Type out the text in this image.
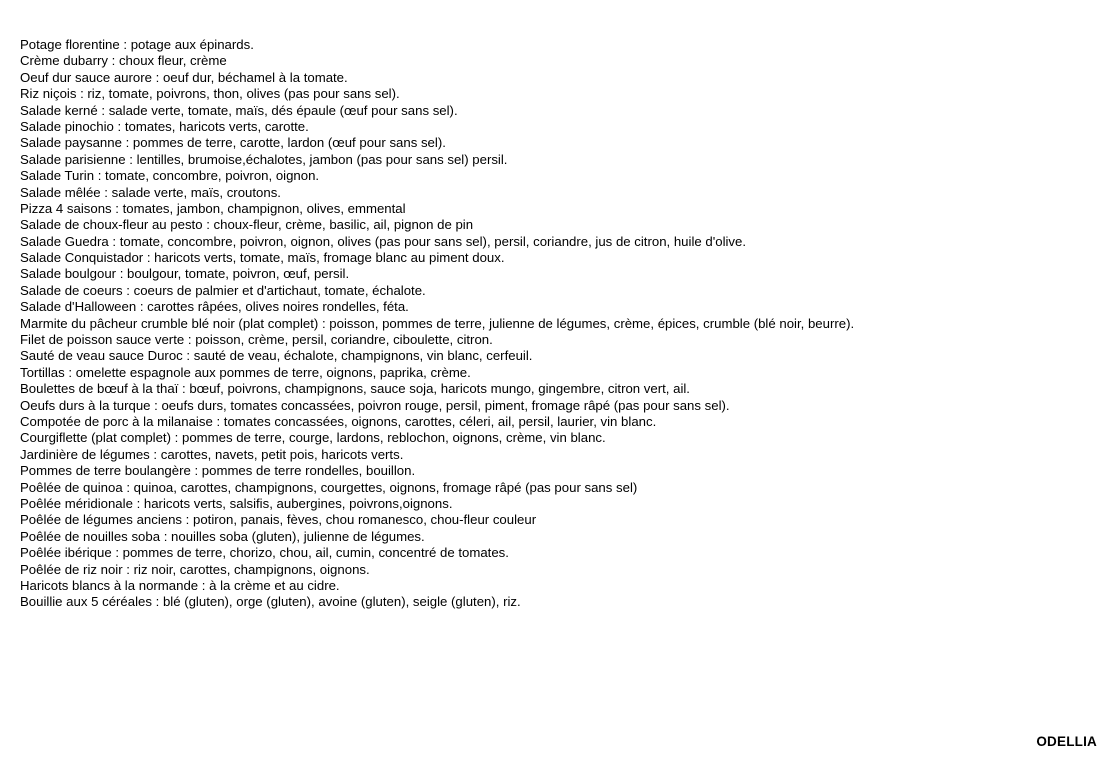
Potage florentine : potage aux épinards.
Crème dubarry : choux fleur, crème
Oeuf dur sauce aurore : oeuf dur, béchamel à la tomate.
Riz niçois : riz, tomate, poivrons, thon, olives (pas pour sans sel).
Salade kerné : salade verte, tomate, maïs, dés épaule (œuf pour sans sel).
Salade pinochio : tomates, haricots verts, carotte.
Salade paysanne : pommes de terre, carotte, lardon (œuf pour sans sel).
Salade parisienne : lentilles, brumoise,échalotes, jambon (pas pour sans sel) persil.
Salade Turin : tomate, concombre, poivron, oignon.
Salade mêlée : salade verte, maïs, croutons.
Pizza 4 saisons : tomates, jambon, champignon, olives, emmental
Salade de choux-fleur au pesto : choux-fleur, crème, basilic, ail, pignon de pin
Salade Guedra : tomate, concombre, poivron, oignon, olives (pas pour sans sel), persil, coriandre, jus de citron, huile d'olive.
Salade Conquistador : haricots verts, tomate, maïs, fromage blanc au piment doux.
Salade boulgour : boulgour, tomate, poivron, œuf, persil.
Salade de coeurs : coeurs de palmier et d'artichaut, tomate, échalote.
Salade d'Halloween : carottes râpées, olives noires rondelles, féta.
Marmite du pâcheur crumble blé noir (plat complet) : poisson, pommes de terre, julienne de légumes, crème, épices, crumble (blé noir, beurre).
Filet de poisson sauce verte : poisson, crème, persil, coriandre, ciboulette, citron.
Sauté de veau sauce Duroc : sauté de veau, échalote, champignons, vin blanc, cerfeuil.
Tortillas : omelette espagnole aux pommes de terre, oignons, paprika, crème.
Boulettes de bœuf à la thaï : bœuf, poivrons, champignons, sauce soja, haricots mungo, gingembre, citron vert, ail.
Oeufs durs à la turque : oeufs durs, tomates concassées, poivron rouge, persil, piment, fromage râpé (pas pour sans sel).
Compotée de porc à la milanaise : tomates concassées, oignons, carottes, céleri, ail, persil, laurier, vin blanc.
Courgiflette (plat complet) : pommes de terre, courge, lardons, reblochon, oignons, crème, vin blanc.
Jardinière de légumes : carottes, navets, petit pois, haricots verts.
Pommes de terre boulangère : pommes de terre rondelles, bouillon.
Poêlée de quinoa : quinoa, carottes, champignons, courgettes, oignons, fromage râpé (pas pour sans sel)
Poêlée méridionale : haricots verts, salsifis, aubergines, poivrons,oignons.
Poêlée de légumes anciens : potiron, panais, fèves, chou romanesco, chou-fleur couleur
Poêlée de nouilles soba : nouilles soba (gluten), julienne de légumes.
Poêlée ibérique : pommes de terre, chorizo, chou, ail, cumin, concentré de tomates.
Poêlée de riz noir : riz noir, carottes, champignons, oignons.
Haricots blancs à la normande : à la crème et au cidre.
Bouillie aux 5 céréales : blé (gluten), orge (gluten), avoine (gluten), seigle (gluten), riz.
ODELLIA
